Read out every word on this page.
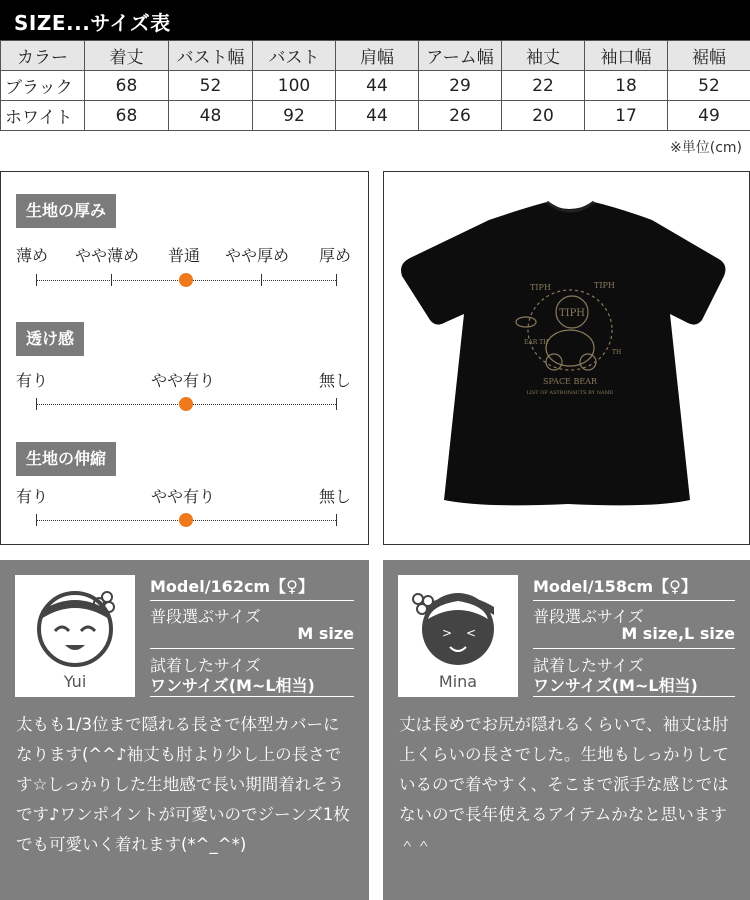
SIZE...サイズ表
カラー	着丈	バスト幅	バスト	肩幅	アーム幅	袖丈	袖口幅	裾幅
ブラック	68	52	100	44	29	22	18	52
ホワイト	68	48	92	44	26	20	17	49
※単位(cm)
生地の厚み
薄め やや薄め 普通 やや厚め 厚め
透け感
有り	やや有り	無し
生地の伸縮
有り	やや有り	無し
TIPH
TIPH	TIPH
SPACE BEAR
LIST OF ASTRONAUTS BY NAME
EAR TH
TH
Yui
Model/162cm【♀】
普段選ぶサイズ
M size
試着したサイズ
ワンサイズ(M~L相当)
太もも1/3位まで隠れる長さで体型カバーになります(^^♪袖丈も肘より少し上の長さです☆しっかりした生地感で長い期間着れそうです♪ワンポイントが可愛いのでジーンズ1枚でも可愛いく着れます(*^_^*)
> <
Mina
Model/158cm【♀】
普段選ぶサイズ
M size,L size
試着したサイズ
ワンサイズ(M~L相当)
丈は長めでお尻が隠れるくらいで、袖丈は肘上くらいの長さでした。生地もしっかりしているので着やすく、そこまで派手な感じではないので長年使えるアイテムかなと思います＾＾
